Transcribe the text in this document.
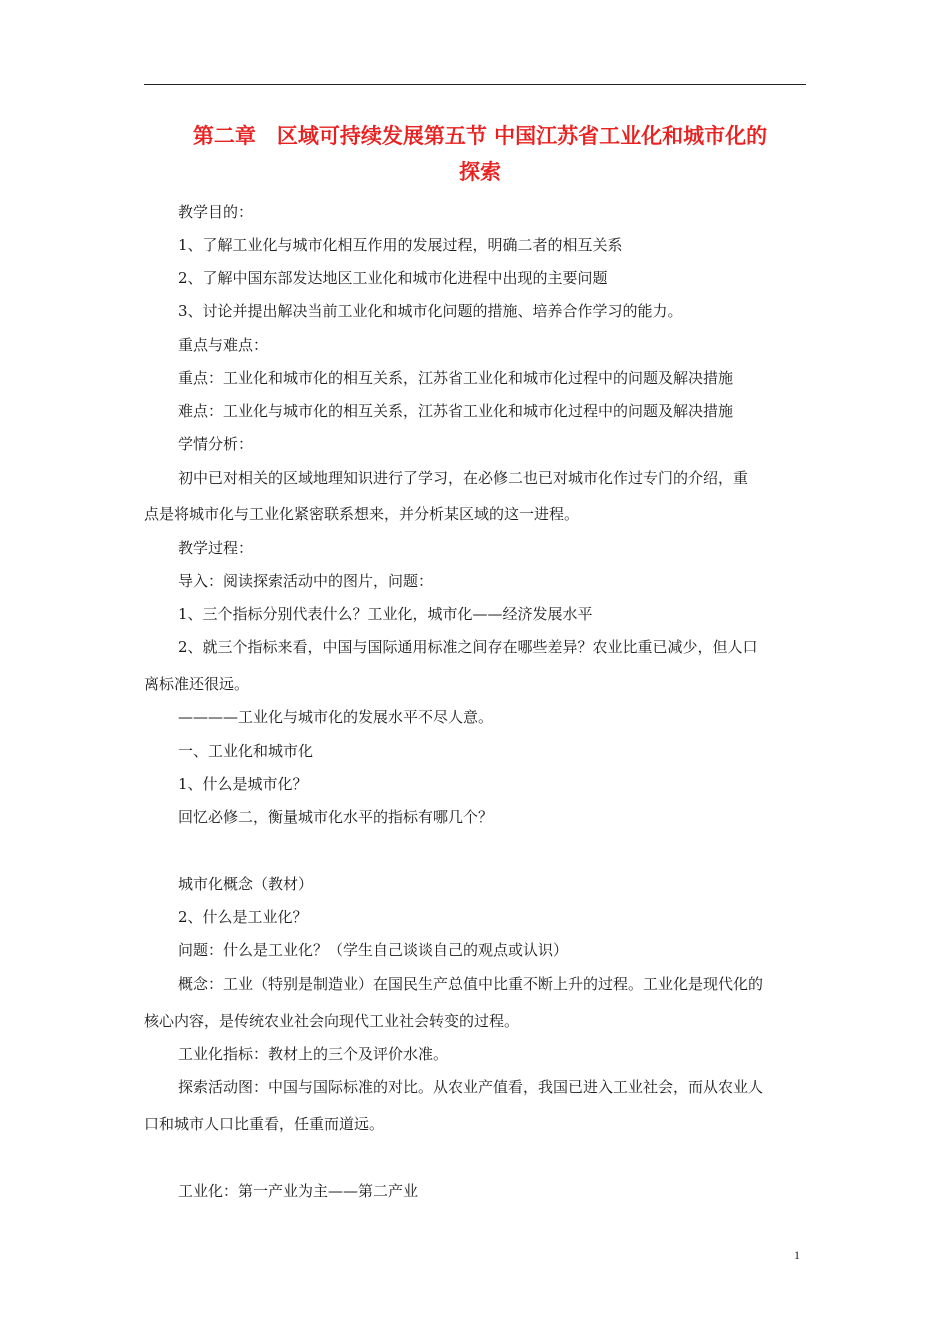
第二章　区域可持续发展第五节 中国江苏省工业化和城市化的
探索
教学目的：
1、了解工业化与城市化相互作用的发展过程，明确二者的相互关系
2、了解中国东部发达地区工业化和城市化进程中出现的主要问题
3、讨论并提出解决当前工业化和城市化问题的措施、培养合作学习的能力。
重点与难点：
重点：工业化和城市化的相互关系，江苏省工业化和城市化过程中的问题及解决措施
难点：工业化与城市化的相互关系，江苏省工业化和城市化过程中的问题及解决措施
学情分析：
初中已对相关的区域地理知识进行了学习，在必修二也已对城市化作过专门的介绍，重
点是将城市化与工业化紧密联系想来，并分析某区域的这一进程。
教学过程：
导入：阅读探索活动中的图片，问题：
1、三个指标分别代表什么？工业化，城市化——经济发展水平
2、就三个指标来看，中国与国际通用标准之间存在哪些差异？农业比重已减少，但人口
离标准还很远。
————工业化与城市化的发展水平不尽人意。
一、工业化和城市化
1、什么是城市化？
回忆必修二，衡量城市化水平的指标有哪几个？
城市化概念（教材）
2、什么是工业化？
问题：什么是工业化？（学生自己谈谈自己的观点或认识）
概念：工业（特别是制造业）在国民生产总值中比重不断上升的过程。工业化是现代化的
核心内容，是传统农业社会向现代工业社会转变的过程。
工业化指标：教材上的三个及评价水准。
探索活动图：中国与国际标准的对比。从农业产值看，我国已进入工业社会，而从农业人
口和城市人口比重看，任重而道远。
工业化：第一产业为主——第二产业
1
